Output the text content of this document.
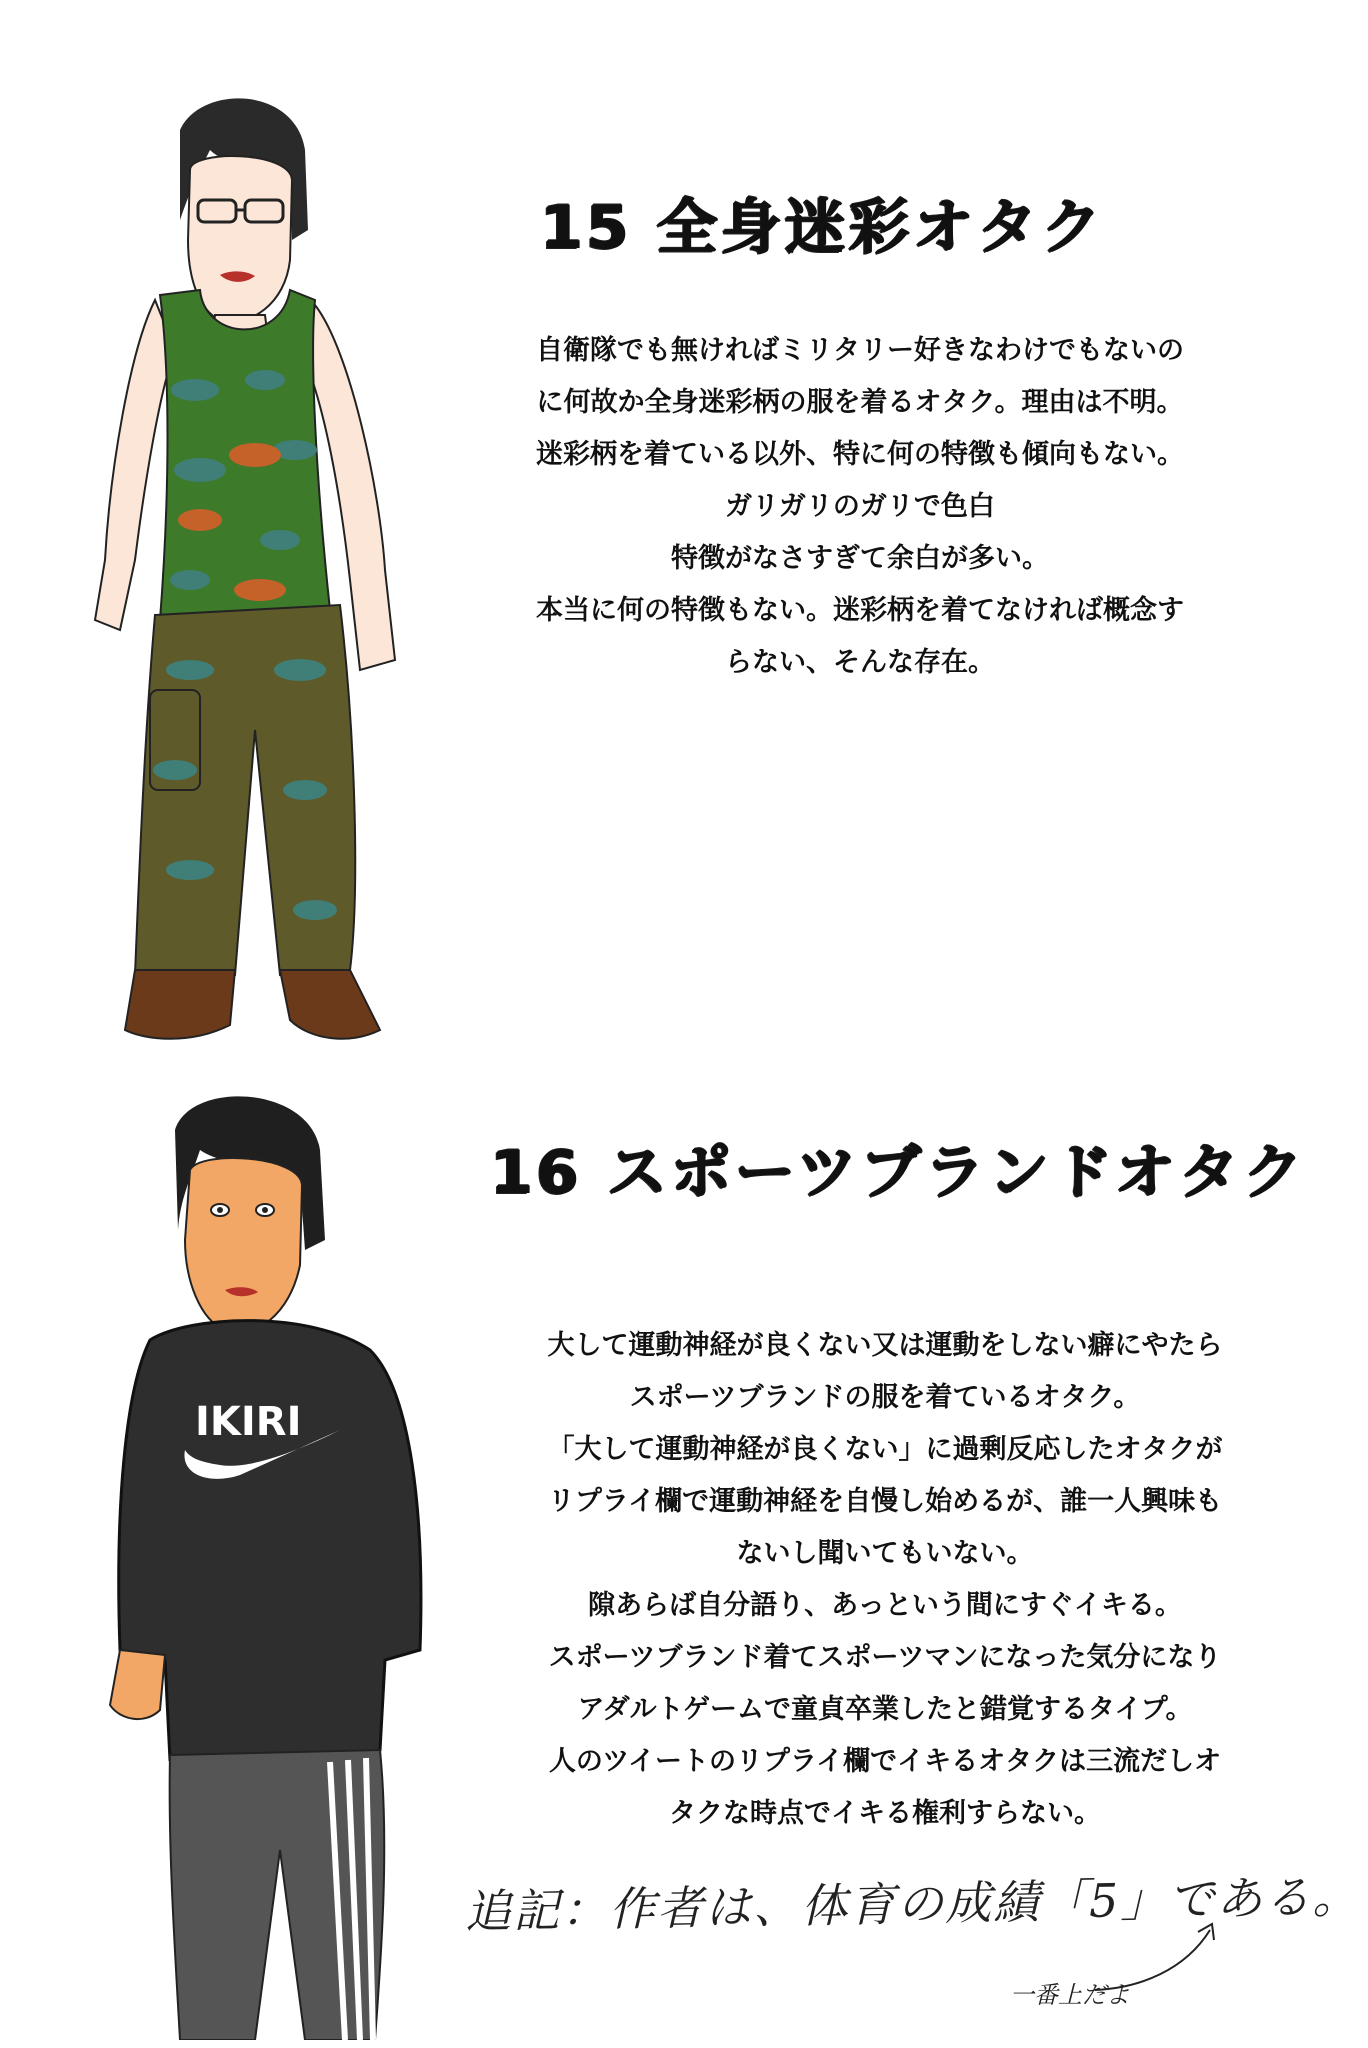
15 全身迷彩オタク
自衛隊でも無ければミリタリー好きなわけでもないの
に何故か全身迷彩柄の服を着るオタク。理由は不明。
迷彩柄を着ている以外、特に何の特徴も傾向もない。
ガリガリのガリで色白
特徴がなさすぎて余白が多い。
本当に何の特徴もない。迷彩柄を着てなければ概念す
らない、そんな存在。
IKIRI
16 スポーツブランドオタク
大して運動神経が良くない又は運動をしない癖にやたら
スポーツブランドの服を着ているオタク。
「大して運動神経が良くない」に過剰反応したオタクが
リプライ欄で運動神経を自慢し始めるが、誰一人興味も
ないし聞いてもいない。
隙あらば自分語り、あっという間にすぐイキる。
スポーツブランド着てスポーツマンになった気分になり
アダルトゲームで童貞卒業したと錯覚するタイプ。
人のツイートのリプライ欄でイキるオタクは三流だしオ
タクな時点でイキる権利すらない。
追記：作者は、体育の成績「5」である。
一番上だよ
